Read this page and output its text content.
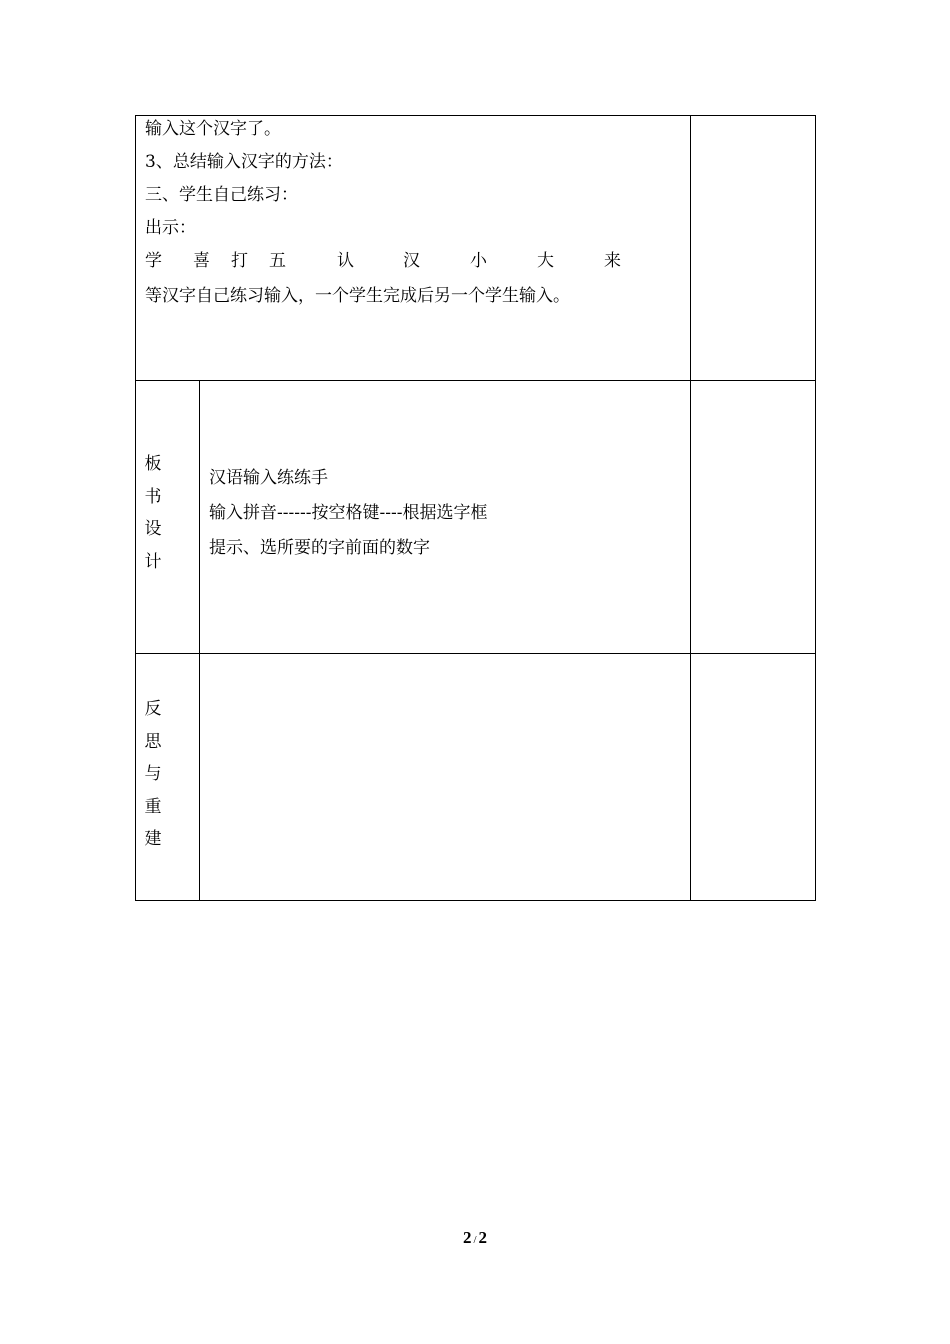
输入这个汉字了。
3、总结输入汉字的方法：
三、学生自己练习：
出示：
学 喜 打 五	认	汉	小	大	来
等汉字自己练习输入，一个学生完成后另一个学生输入。
板
书
设
计
汉语输入练练手
输入拼音------按空格键----根据选字框
提示、选所要的字前面的数字
反
思
与
重
建
2 / 2
